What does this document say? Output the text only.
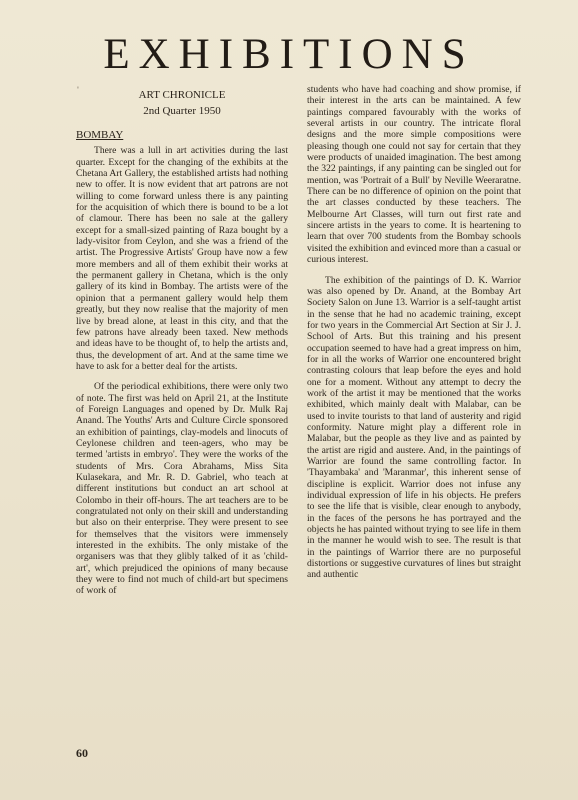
EXHIBITIONS
'	ART CHRONICLE
2nd Quarter 1950
BOMBAY

There was a lull in art activities during the last quarter. Except for the changing of the exhibits at the Chetana Art Gallery, the established artists had nothing new to offer. It is now evident that art patrons are not willing to come forward unless there is any painting for the acquisition of which there is bound to be a lot of clamour. There has been no sale at the gallery except for a small-sized painting of Raza bought by a lady-visitor from Ceylon, and she was a friend of the artist. The Progressive Artists' Group have now a few more members and all of them exhibit their works at the permanent gallery in Chetana, which is the only gallery of its kind in Bombay. The artists were of the opinion that a permanent gallery would help them greatly, but they now realise that the majority of men live by bread alone, at least in this city, and that the few patrons have already been taxed. New methods and ideas have to be thought of, to help the artists and, thus, the development of art. And at the same time we have to ask for a better deal for the artists.

Of the periodical exhibitions, there were only two of note. The first was held on April 21, at the Institute of Foreign Languages and opened by Dr. Mulk Raj Anand. The Youths' Arts and Culture Circle sponsored an exhibition of paintings, clay-models and linocuts of Ceylonese children and teen-agers, who may be termed 'artists in embryo'. They were the works of the students of Mrs. Cora Abrahams, Miss Sita Kulasekara, and Mr. R. D. Gabriel, who teach at different institutions but conduct an art school at Colombo in their off-hours. The art teachers are to be congratulated not only on their skill and understanding but also on their enterprise. They were present to see for themselves that the visitors were immensely interested in the exhibits. The only mistake of the organisers was that they glibly talked of it as 'child-art', which prejudiced the opinions of many because they were to find not much of child-art but specimens of work of

students who have had coaching and show promise, if their interest in the arts can be maintained. A few paintings compared favourably with the works of several artists in our country. The intricate floral designs and the more simple compositions were pleasing though one could not say for certain that they were products of unaided imagination. The best among the 322 paintings, if any painting can be singled out for mention, was 'Portrait of a Bull' by Neville Weeraratne. There can be no difference of opinion on the point that the art classes conducted by these teachers. The Melbourne Art Classes, will turn out first rate and sincere artists in the years to come. It is heartening to learn that over 700 students from the Bombay schools visited the exhibition and evinced more than a casual or curious interest.

The exhibition of the paintings of D. K. Warrior was also opened by Dr. Anand, at the Bombay Art Society Salon on June 13. Warrior is a self-taught artist in the sense that he had no academic training, except for two years in the Commercial Art Section at Sir J. J. School of Arts. But this training and his present occupation seemed to have had a great impress on him, for in all the works of Warrior one encountered bright contrasting colours that leap before the eyes and hold one for a moment. Without any attempt to decry the work of the artist it may be mentioned that the works exhibited, which mainly dealt with Malabar, can be used to invite tourists to that land of austerity and rigid conformity. Nature might play a different role in Malabar, but the people as they live and as painted by the artist are rigid and austere. And, in the paintings of Warrior are found the same controlling factor. In 'Thayambaka' and 'Maranmar', this inherent sense of discipline is explicit. Warrior does not infuse any individual expression of life in his objects. He prefers to see the life that is visible, clear enough to anybody, in the faces of the persons he has portrayed and the objects he has painted without trying to see life in them in the manner he would wish to see. The result is that in the paintings of Warrior there are no purposeful distortions or suggestive curvatures of lines but straight and authentic

60
